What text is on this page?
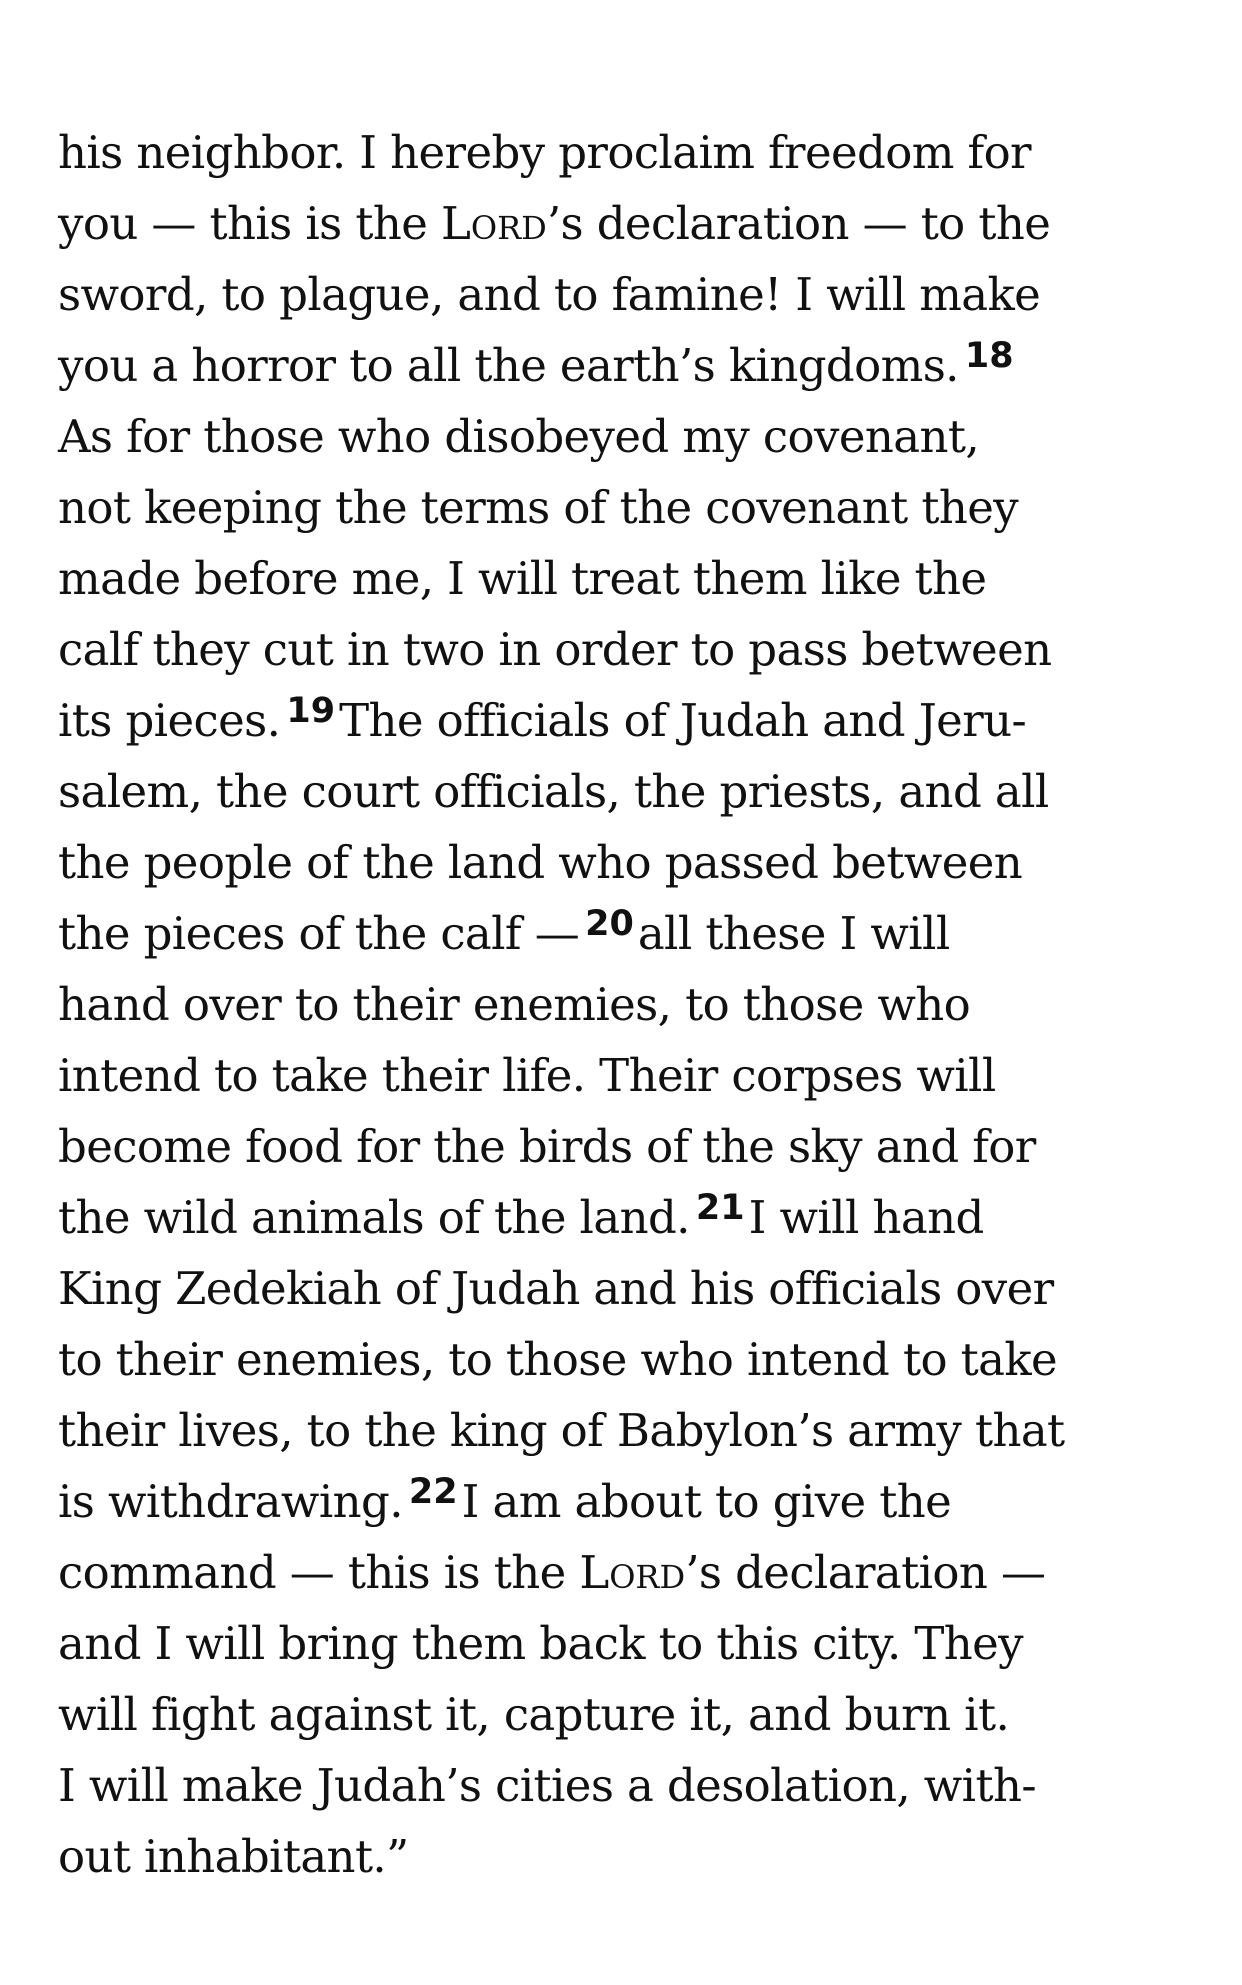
his neighbor. I hereby proclaim freedom for
you — this is the Lord’s declaration — to the
sword, to plague, and to famine! I will make
you a horror to all the earth’s kingdoms. 18
As for those who disobeyed my covenant,
not keeping the terms of the covenant they
made before me, I will treat them like the
calf they cut in two in order to pass between
its pieces. 19The officials of Judah and Jeru-
salem, the court officials, the priests, and all
the people of the land who passed between
the pieces of the calf — 20all these I will
hand over to their enemies, to those who
intend to take their life. Their corpses will
become food for the birds of the sky and for
the wild animals of the land. 21I will hand
King Zedekiah of Judah and his officials over
to their enemies, to those who intend to take
their lives, to the king of Babylon’s army that
is withdrawing. 22I am about to give the
command — this is the Lord’s declaration —
and I will bring them back to this city. They
will fight against it, capture it, and burn it.
I will make Judah’s cities a desolation, with-
out inhabitant.”
